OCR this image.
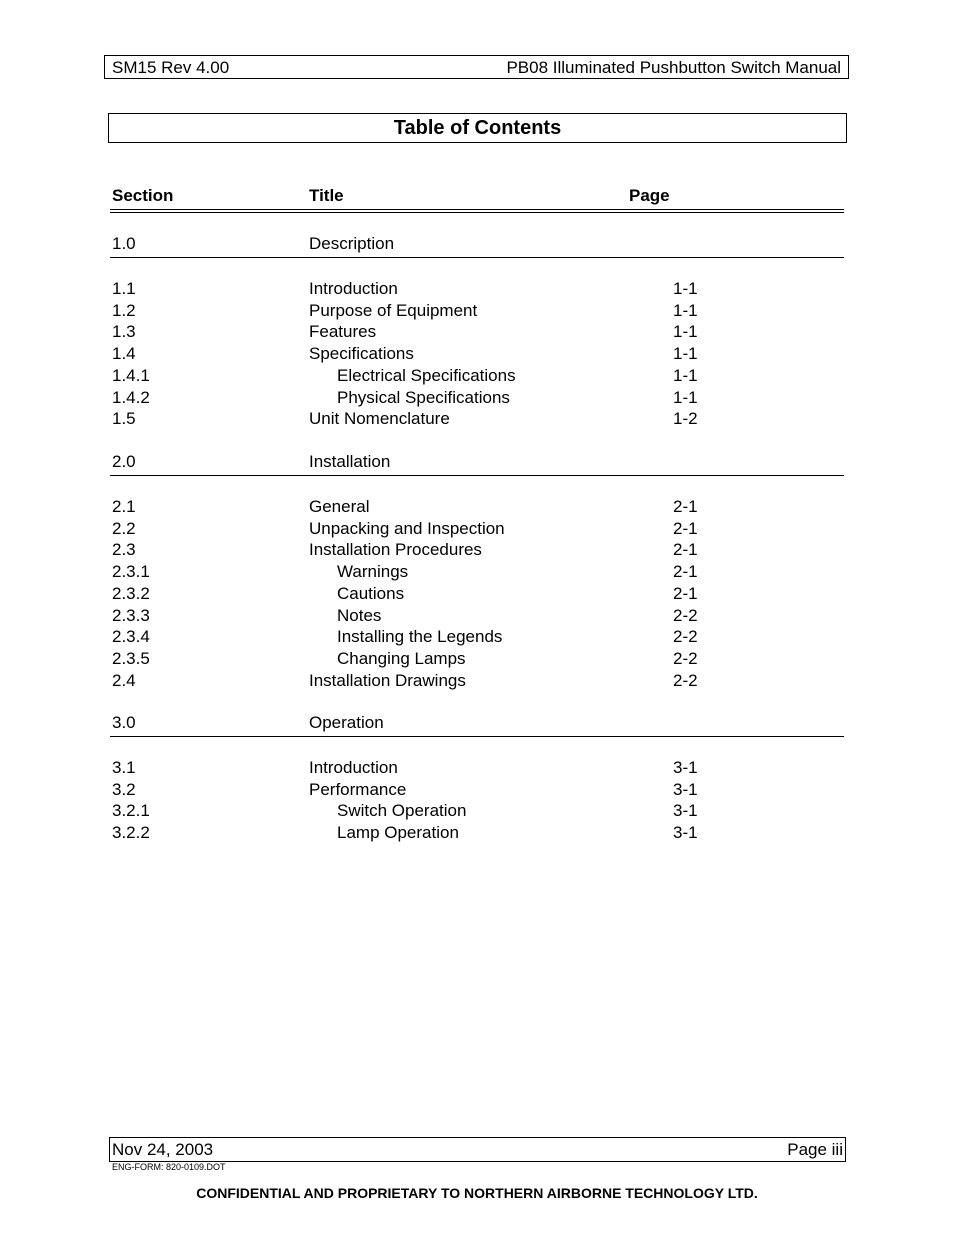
SM15 Rev 4.00	PB08 Illuminated Pushbutton Switch Manual
Table of Contents
Section	Title	Page
1.0	Description
1.1	Introduction	1-1
1.2	Purpose of Equipment	1-1
1.3	Features	1-1
1.4	Specifications	1-1
1.4.1	Electrical Specifications	1-1
1.4.2	Physical Specifications	1-1
1.5	Unit Nomenclature	1-2
2.0	Installation
2.1	General	2-1
2.2	Unpacking and Inspection	2-1
2.3	Installation Procedures	2-1
2.3.1	Warnings	2-1
2.3.2	Cautions	2-1
2.3.3	Notes	2-2
2.3.4	Installing the Legends	2-2
2.3.5	Changing Lamps	2-2
2.4	Installation Drawings	2-2
3.0	Operation
3.1	Introduction	3-1
3.2	Performance	3-1
3.2.1	Switch Operation	3-1
3.2.2	Lamp Operation	3-1
Nov 24, 2003	Page iii
ENG-FORM: 820-0109.DOT
CONFIDENTIAL AND PROPRIETARY TO NORTHERN AIRBORNE TECHNOLOGY LTD.
